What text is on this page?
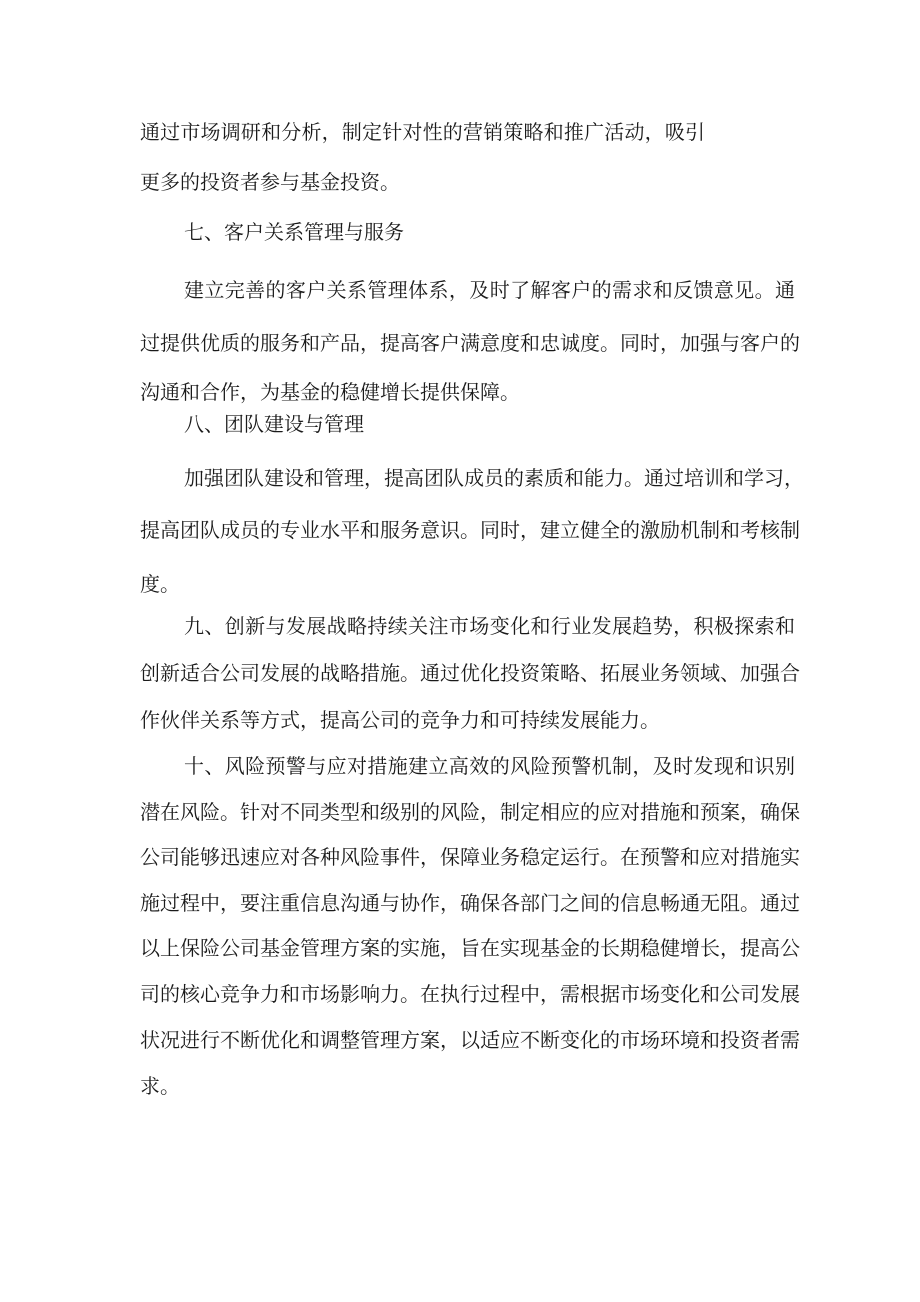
通过市场调研和分析，制定针对性的营销策略和推广活动，吸引
更多的投资者参与基金投资。
七、客户关系管理与服务
建立完善的客户关系管理体系，及时了解客户的需求和反馈意见。通
过提供优质的服务和产品，提高客户满意度和忠诚度。同时，加强与客户的
沟通和合作，为基金的稳健增长提供保障。
八、团队建设与管理
加强团队建设和管理，提高团队成员的素质和能力。通过培训和学习，
提高团队成员的专业水平和服务意识。同时，建立健全的激励机制和考核制
度。
九、创新与发展战略持续关注市场变化和行业发展趋势，积极探索和
创新适合公司发展的战略措施。通过优化投资策略、拓展业务领域、加强合
作伙伴关系等方式，提高公司的竞争力和可持续发展能力。
十、风险预警与应对措施建立高效的风险预警机制，及时发现和识别
潜在风险。针对不同类型和级别的风险，制定相应的应对措施和预案，确保
公司能够迅速应对各种风险事件，保障业务稳定运行。在预警和应对措施实
施过程中，要注重信息沟通与协作，确保各部门之间的信息畅通无阻。通过
以上保险公司基金管理方案的实施，旨在实现基金的长期稳健增长，提高公
司的核心竞争力和市场影响力。在执行过程中，需根据市场变化和公司发展
状况进行不断优化和调整管理方案，以适应不断变化的市场环境和投资者需
求。
